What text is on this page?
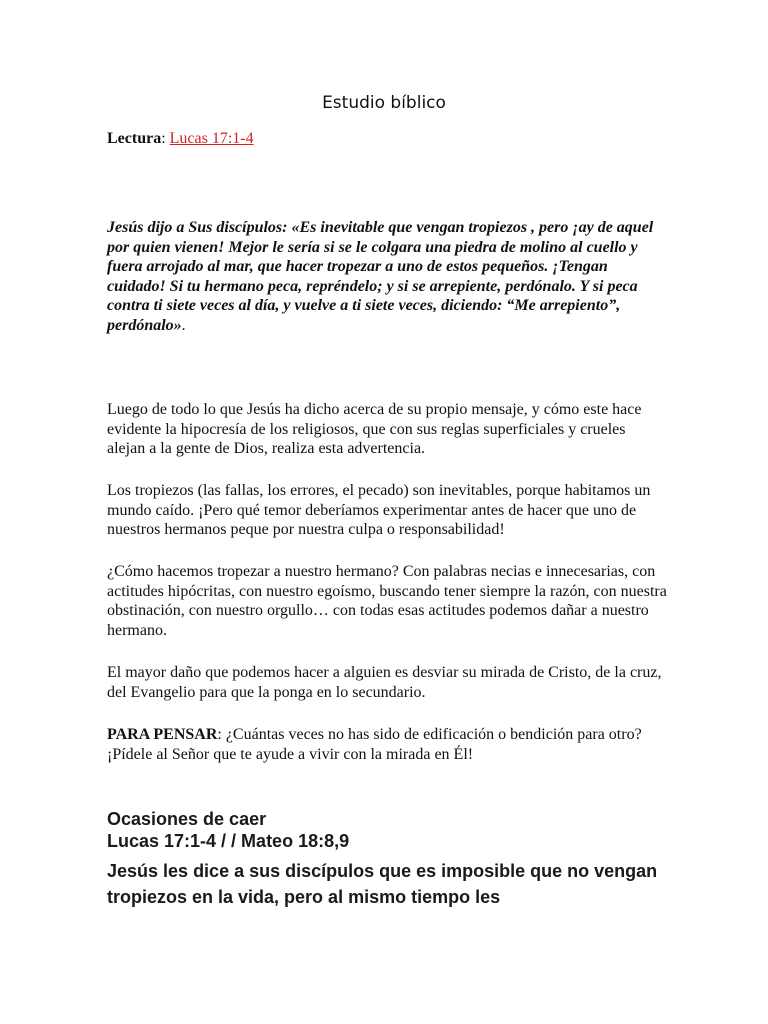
Estudio bíblico
Lectura: Lucas 17:1-4
Jesús dijo a Sus discípulos: «Es inevitable que vengan tropiezos , pero ¡ay de aquel por quien vienen! Mejor le sería si se le colgara una piedra de molino al cuello y fuera arrojado al mar, que hacer tropezar a uno de estos pequeños. ¡Tengan cuidado! Si tu hermano peca, repréndelo; y si se arrepiente, perdónalo. Y si peca contra ti siete veces al día, y vuelve a ti siete veces, diciendo: “Me arrepiento”, perdónalo».
Luego de todo lo que Jesús ha dicho acerca de su propio mensaje, y cómo este hace evidente la hipocresía de los religiosos, que con sus reglas superficiales y crueles alejan a la gente de Dios, realiza esta advertencia.
Los tropiezos (las fallas, los errores, el pecado) son inevitables, porque habitamos un mundo caído. ¡Pero qué temor deberíamos experimentar antes de hacer que uno de nuestros hermanos peque por nuestra culpa o responsabilidad!
¿Cómo hacemos tropezar a nuestro hermano? Con palabras necias e innecesarias, con actitudes hipócritas, con nuestro egoísmo, buscando tener siempre la razón, con nuestra obstinación, con nuestro orgullo… con todas esas actitudes podemos dañar a nuestro hermano.
El mayor daño que podemos hacer a alguien es desviar su mirada de Cristo, de la cruz, del Evangelio para que la ponga en lo secundario.
PARA PENSAR: ¿Cuántas veces no has sido de edificación o bendición para otro? ¡Pídele al Señor que te ayude a vivir con la mirada en Él!
Ocasiones de caer
Lucas 17:1-4 / / Mateo 18:8,9
Jesús les dice a sus discípulos que es imposible que no vengan tropiezos en la vida, pero al mismo tiempo les
